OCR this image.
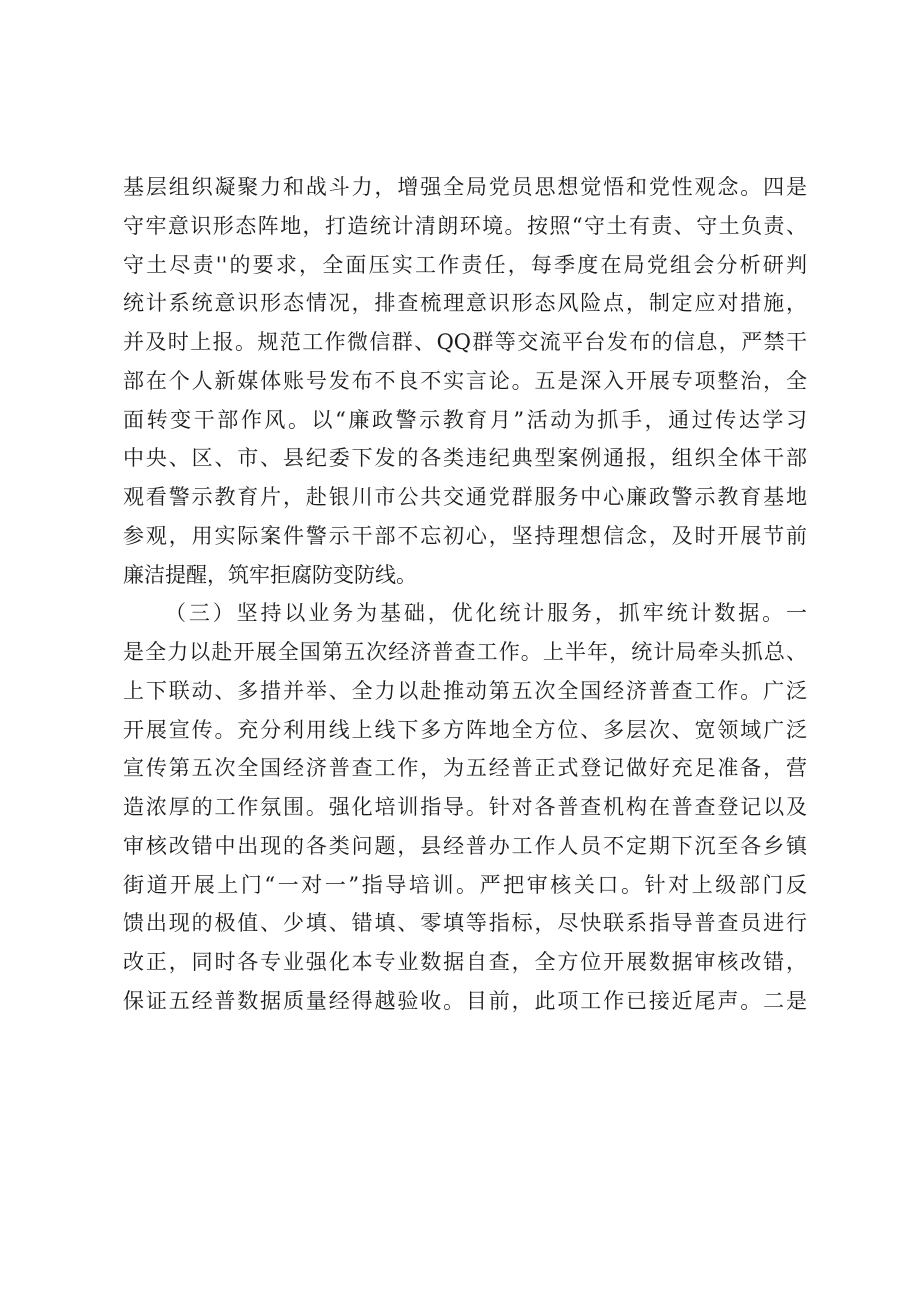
基层组织凝聚力和战斗力，增强全局党员思想觉悟和党性观念。四是
守牢意识形态阵地，打造统计清朗环境。按照“守土有责、守土负责、
守土尽责''的要求，全面压实工作责任，每季度在局党组会分析研判
统计系统意识形态情况，排查梳理意识形态风险点，制定应对措施，
并及时上报。规范工作微信群、QQ群等交流平台发布的信息，严禁干
部在个人新媒体账号发布不良不实言论。五是深入开展专项整治，全
面转变干部作风。以“廉政警示教育月”活动为抓手，通过传达学习
中央、区、市、县纪委下发的各类违纪典型案例通报，组织全体干部
观看警示教育片，赴银川市公共交通党群服务中心廉政警示教育基地
参观，用实际案件警示干部不忘初心，坚持理想信念，及时开展节前
廉洁提醒，筑牢拒腐防变防线。
（三）坚持以业务为基础，优化统计服务，抓牢统计数据。一
是全力以赴开展全国第五次经济普查工作。上半年，统计局牵头抓总、
上下联动、多措并举、全力以赴推动第五次全国经济普查工作。广泛
开展宣传。充分利用线上线下多方阵地全方位、多层次、宽领域广泛
宣传第五次全国经济普查工作，为五经普正式登记做好充足准备，营
造浓厚的工作氛围。强化培训指导。针对各普查机构在普查登记以及
审核改错中出现的各类问题，县经普办工作人员不定期下沉至各乡镇
街道开展上门“一对一”指导培训。严把审核关口。针对上级部门反
馈出现的极值、少填、错填、零填等指标，尽快联系指导普查员进行
改正，同时各专业强化本专业数据自查，全方位开展数据审核改错，
保证五经普数据质量经得越验收。目前，此项工作已接近尾声。二是
